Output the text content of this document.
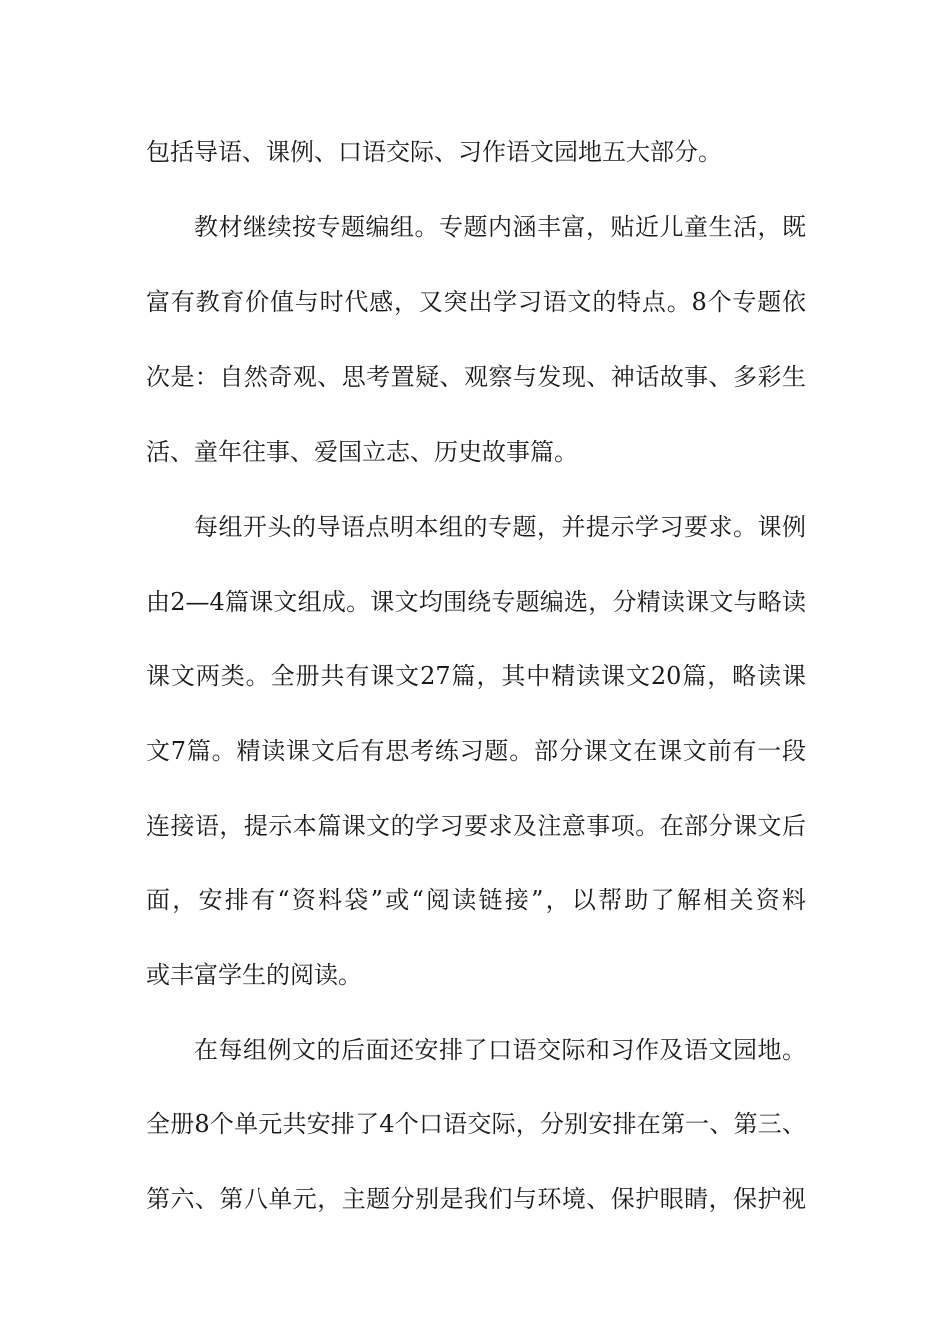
包括导语、课例、口语交际、习作语文园地五大部分。
教材继续按专题编组。专题内涵丰富，贴近儿童生活，既
富有教育价值与时代感，又突出学习语文的特点。8个专题依
次是：自然奇观、思考置疑、观察与发现、神话故事、多彩生
活、童年往事、爱国立志、历史故事篇。
每组开头的导语点明本组的专题，并提示学习要求。课例
由2—4篇课文组成。课文均围绕专题编选，分精读课文与略读
课文两类。全册共有课文27篇，其中精读课文20篇，略读课
文7篇。精读课文后有思考练习题。部分课文在课文前有一段
连接语，提示本篇课文的学习要求及注意事项。在部分课文后
面，安排有“资料袋”或“阅读链接”，以帮助了解相关资料
或丰富学生的阅读。
在每组例文的后面还安排了口语交际和习作及语文园地。
全册8个单元共安排了4个口语交际，分别安排在第一、第三、
第六、第八单元，主题分别是我们与环境、保护眼睛，保护视
